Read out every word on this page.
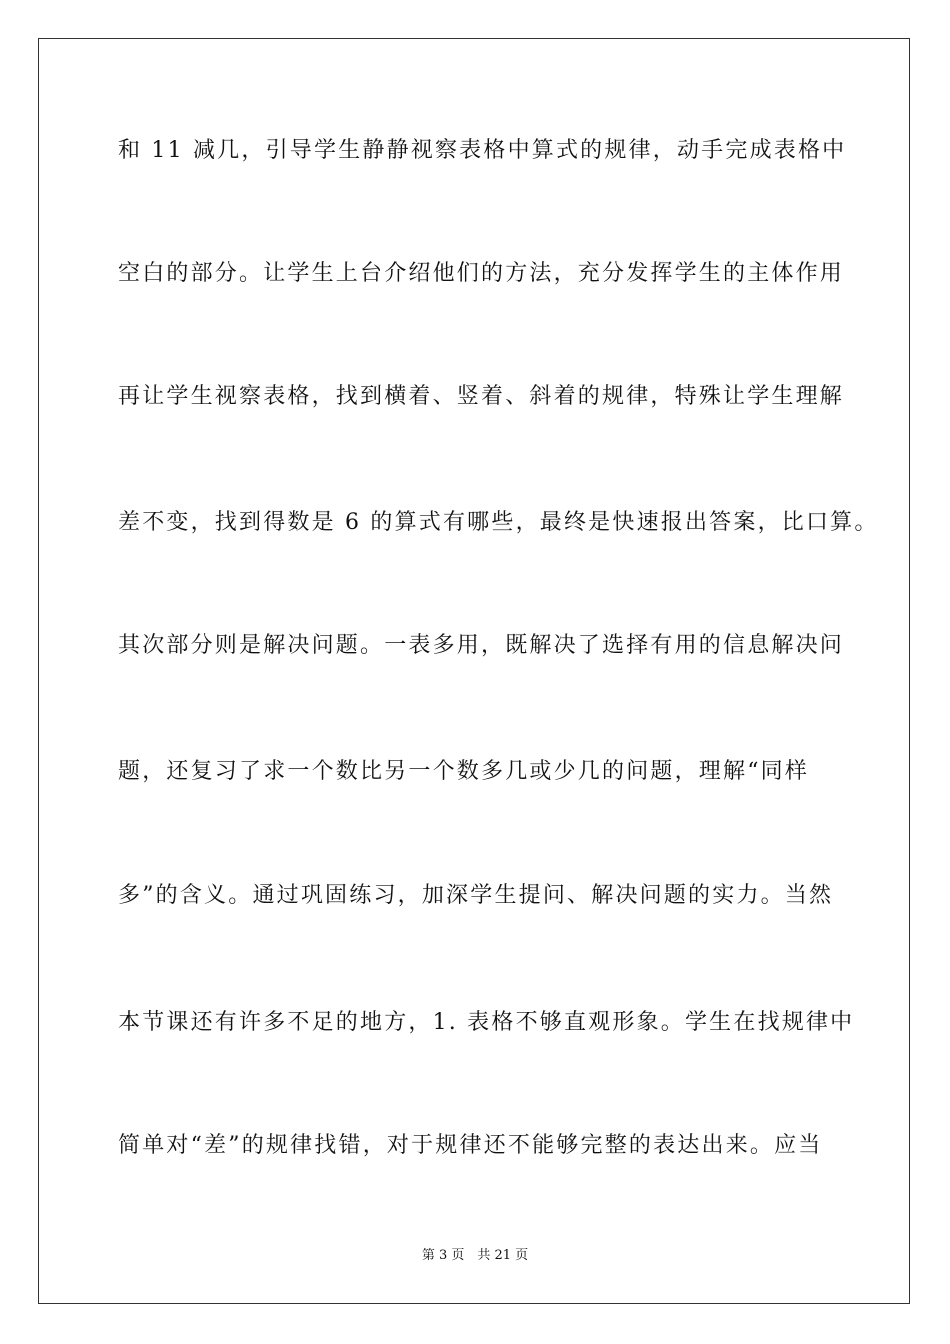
和 11 减几，引导学生静静视察表格中算式的规律，动手完成表格中
空白的部分。让学生上台介绍他们的方法，充分发挥学生的主体作用
再让学生视察表格，找到横着、竖着、斜着的规律，特殊让学生理解
差不变，找到得数是 6 的算式有哪些，最终是快速报出答案，比口算。
其次部分则是解决问题。一表多用，既解决了选择有用的信息解决问
题，还复习了求一个数比另一个数多几或少几的问题，理解“同样
多”的含义。通过巩固练习，加深学生提问、解决问题的实力。当然
本节课还有许多不足的地方，1. 表格不够直观形象。学生在找规律中
简单对“差”的规律找错，对于规律还不能够完整的表达出来。应当
第 3 页　共 21 页
